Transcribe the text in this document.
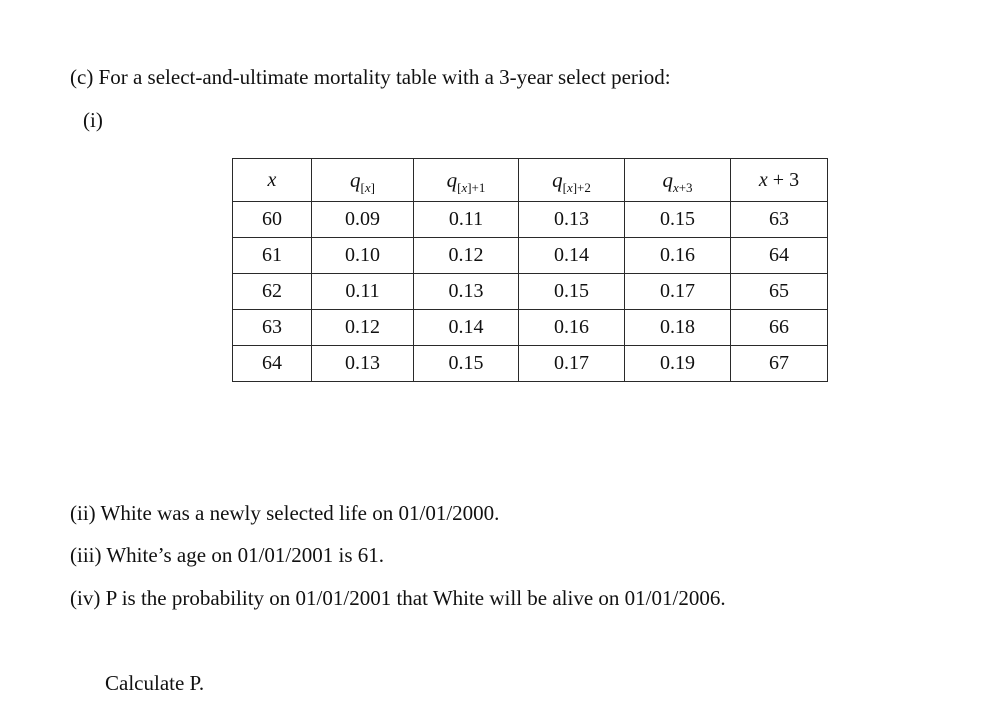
(c) For a select-and-ultimate mortality table with a 3-year select period:
(i)
x	$q_{[x]}$	$q_{[x]+1}$	$q_{[x]+2}$	$q_{x+3}$	x + 3
60	0.09	0.11	0.13	0.15	63
61	0.10	0.12	0.14	0.16	64
62	0.11	0.13	0.15	0.17	65
63	0.12	0.14	0.16	0.18	66
64	0.13	0.15	0.17	0.19	67
(ii) White was a newly selected life on 01/01/2000.
(iii) White’s age on 01/01/2001 is 61.
(iv) P is the probability on 01/01/2001 that White will be alive on 01/01/2006.
Calculate P.
